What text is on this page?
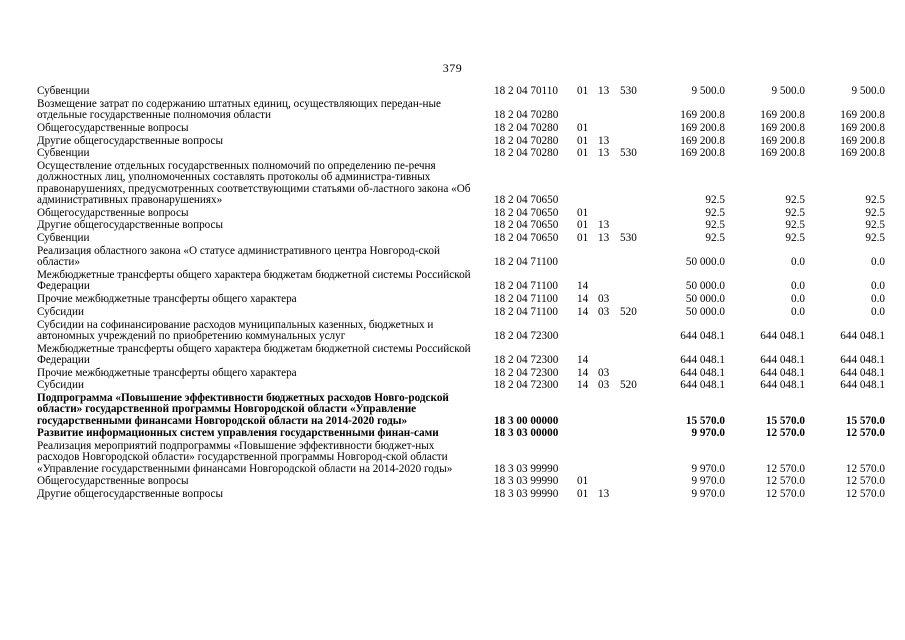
379
Субвенции	18 2 04 70110	01	13	530	9 500.0	9 500.0	9 500.0
Возмещение затрат по содержанию штатных единиц, осуществляющих передан-ные отдельные государственные полномочия области	18 2 04 70280				169 200.8	169 200.8	169 200.8
Общегосударственные вопросы	18 2 04 70280	01			169 200.8	169 200.8	169 200.8
Другие общегосударственные вопросы	18 2 04 70280	01	13		169 200.8	169 200.8	169 200.8
Субвенции	18 2 04 70280	01	13	530	169 200.8	169 200.8	169 200.8
Осуществление отдельных государственных полномочий по определению пе-речня должностных лиц, уполномоченных составлять протоколы об администра-тивных правонарушениях, предусмотренных соответствующими статьями об-ластного закона «Об административных правонарушениях»	18 2 04 70650				92.5	92.5	92.5
Общегосударственные вопросы	18 2 04 70650	01			92.5	92.5	92.5
Другие общегосударственные вопросы	18 2 04 70650	01	13		92.5	92.5	92.5
Субвенции	18 2 04 70650	01	13	530	92.5	92.5	92.5
Реализация областного закона «О статусе административного центра Новгород-ской области»	18 2 04 71100				50 000.0	0.0	0.0
Межбюджетные трансферты общего характера бюджетам бюджетной системы Российской Федерации	18 2 04 71100	14			50 000.0	0.0	0.0
Прочие межбюджетные трансферты общего характера	18 2 04 71100	14	03		50 000.0	0.0	0.0
Субсидии	18 2 04 71100	14	03	520	50 000.0	0.0	0.0
Субсидии на софинансирование расходов муниципальных казенных, бюджетных и автономных учреждений по приобретению коммунальных услуг	18 2 04 72300				644 048.1	644 048.1	644 048.1
Межбюджетные трансферты общего характера бюджетам бюджетной системы Российской Федерации	18 2 04 72300	14			644 048.1	644 048.1	644 048.1
Прочие межбюджетные трансферты общего характера	18 2 04 72300	14	03		644 048.1	644 048.1	644 048.1
Субсидии	18 2 04 72300	14	03	520	644 048.1	644 048.1	644 048.1
Подпрограмма «Повышение эффективности бюджетных расходов Новго-родской области» государственной программы Новгородской области «Управление государственными финансами Новгородской области на 2014-2020 годы»	18 3 00 00000				15 570.0	15 570.0	15 570.0
Развитие информационных систем управления государственными финан-сами	18 3 03 00000				9 970.0	12 570.0	12 570.0
Реализация мероприятий подпрограммы «Повышение эффективности бюджет-ных расходов Новгородской области» государственной программы Новгород-ской области «Управление государственными финансами Новгородской области на 2014-2020 годы»	18 3 03 99990				9 970.0	12 570.0	12 570.0
Общегосударственные вопросы	18 3 03 99990	01			9 970.0	12 570.0	12 570.0
Другие общегосударственные вопросы	18 3 03 99990	01	13		9 970.0	12 570.0	12 570.0
